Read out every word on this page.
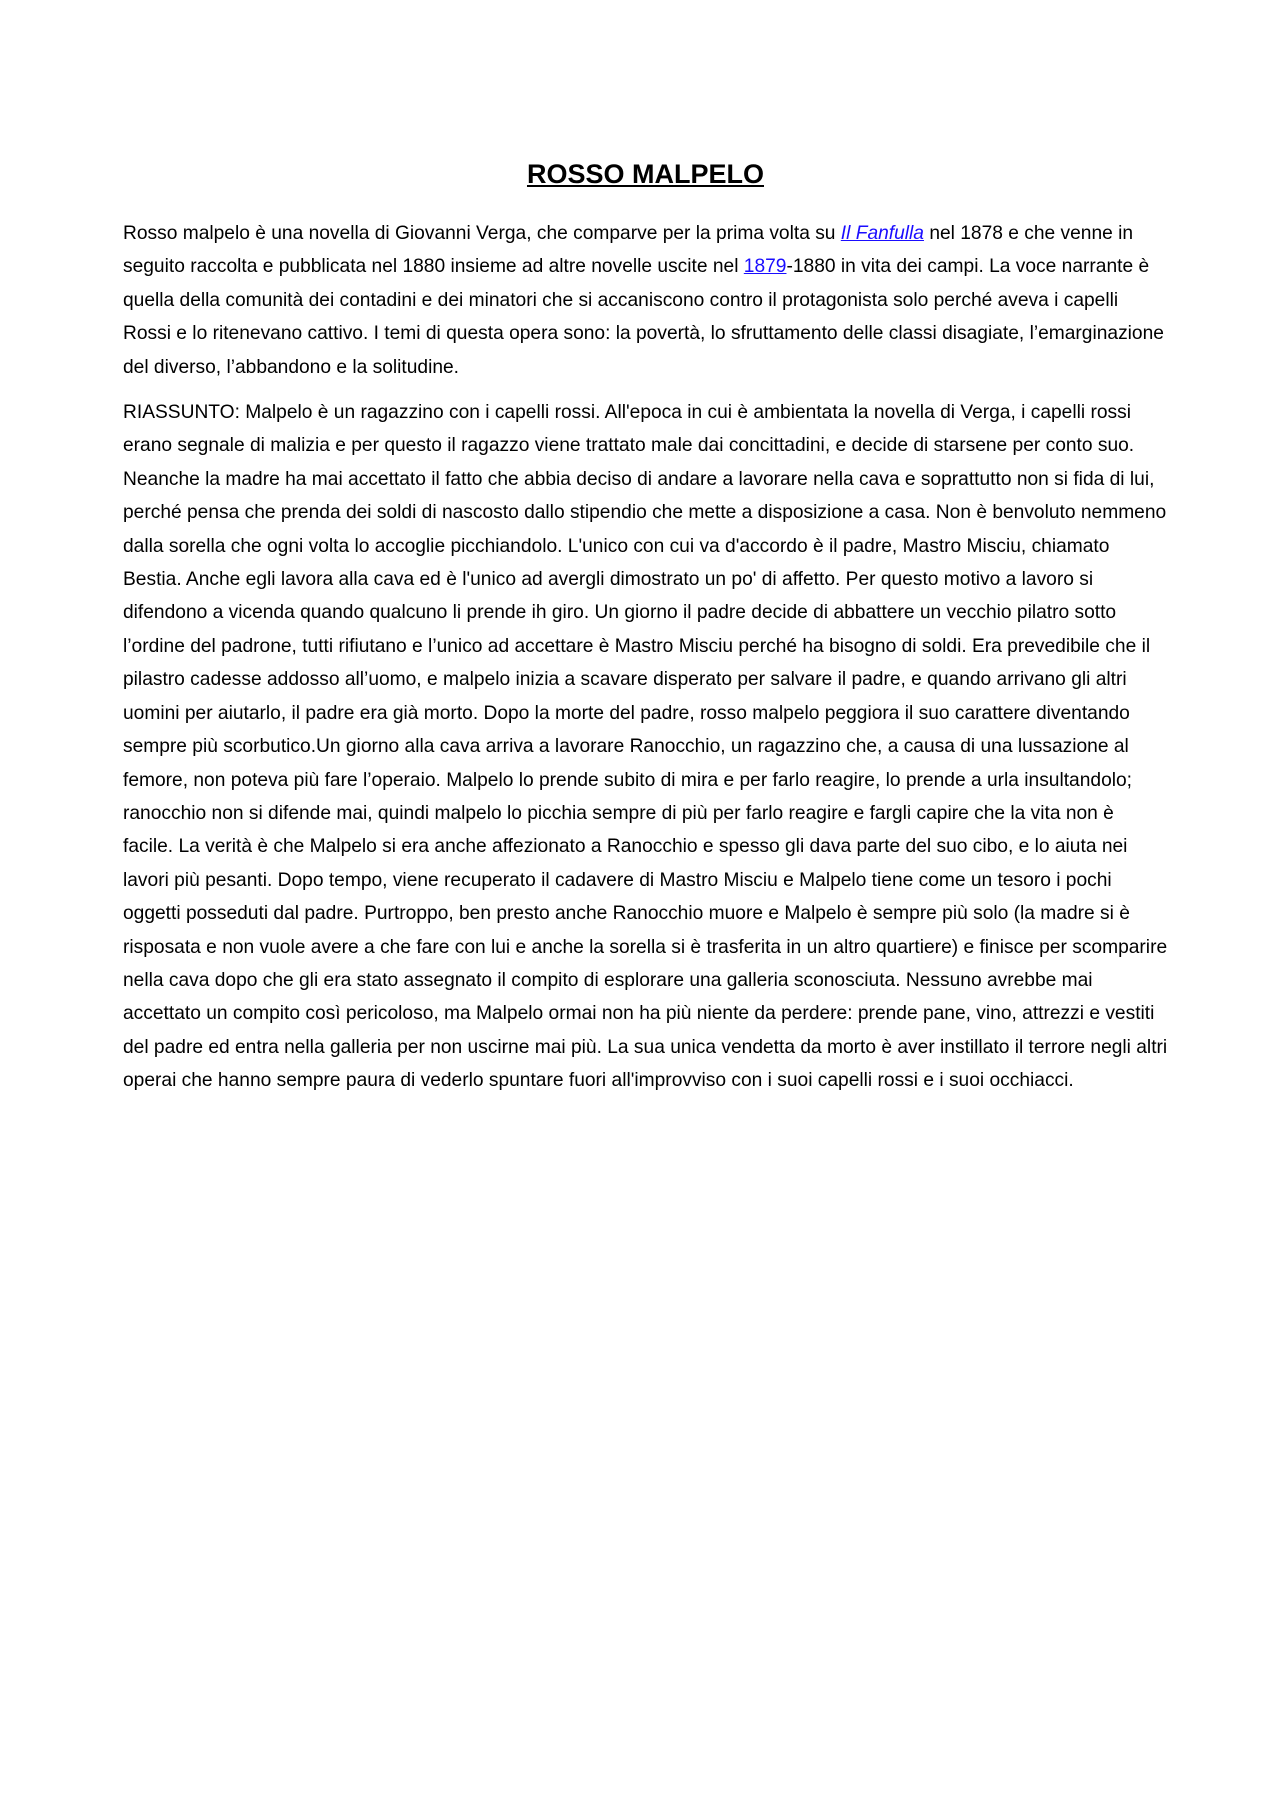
ROSSO MALPELO

Rosso malpelo è una novella di Giovanni Verga, che comparve per la prima volta su Il Fanfulla nel 1878 e che venne in seguito raccolta e pubblicata nel 1880 insieme ad altre novelle uscite nel 1879-1880 in vita dei campi. La voce narrante è quella della comunità dei contadini e dei minatori che si accaniscono contro il protagonista solo perché aveva i capelli Rossi e lo ritenevano cattivo. I temi di questa opera sono: la povertà, lo sfruttamento delle classi disagiate, l’emarginazione del diverso, l’abbandono e la solitudine.

RIASSUNTO: Malpelo è un ragazzino con i capelli rossi. All'epoca in cui è ambientata la novella di Verga, i capelli rossi erano segnale di malizia e per questo il ragazzo viene trattato male dai concittadini, e decide di starsene per conto suo. Neanche la madre ha mai accettato il fatto che abbia deciso di andare a lavorare nella cava e soprattutto non si fida di lui, perché pensa che prenda dei soldi di nascosto dallo stipendio che mette a disposizione a casa. Non è benvoluto nemmeno dalla sorella che ogni volta lo accoglie picchiandolo. L'unico con cui va d'accordo è il padre, Mastro Misciu, chiamato Bestia. Anche egli lavora alla cava ed è l'unico ad avergli dimostrato un po' di affetto. Per questo motivo a lavoro si difendono a vicenda quando qualcuno li prende ih giro. Un giorno il padre decide di abbattere un vecchio pilatro sotto l’ordine del padrone, tutti rifiutano e l’unico ad accettare è Mastro Misciu perché ha bisogno di soldi. Era prevedibile che il pilastro cadesse addosso all’uomo, e malpelo inizia a scavare disperato per salvare il padre, e quando arrivano gli altri uomini per aiutarlo, il padre era già morto. Dopo la morte del padre, rosso malpelo peggiora il suo carattere diventando sempre più scorbutico.Un giorno alla cava arriva a lavorare Ranocchio, un ragazzino che, a causa di una lussazione al femore, non poteva più fare l’operaio. Malpelo lo prende subito di mira e per farlo reagire, lo prende a urla insultandolo; ranocchio non si difende mai, quindi malpelo lo picchia sempre di più per farlo reagire e fargli capire che la vita non è facile. La verità è che Malpelo si era anche affezionato a Ranocchio e spesso gli dava parte del suo cibo, e lo aiuta nei lavori più pesanti. Dopo tempo, viene recuperato il cadavere di Mastro Misciu e Malpelo tiene come un tesoro i pochi oggetti posseduti dal padre. Purtroppo, ben presto anche Ranocchio muore e Malpelo è sempre più solo (la madre si è risposata e non vuole avere a che fare con lui e anche la sorella si è trasferita in un altro quartiere) e finisce per scomparire nella cava dopo che gli era stato assegnato il compito di esplorare una galleria sconosciuta. Nessuno avrebbe mai accettato un compito così pericoloso, ma Malpelo ormai non ha più niente da perdere: prende pane, vino, attrezzi e vestiti del padre ed entra nella galleria per non uscirne mai più. La sua unica vendetta da morto è aver instillato il terrore negli altri operai che hanno sempre paura di vederlo spuntare fuori all'improvviso con i suoi capelli rossi e i suoi occhiacci.
